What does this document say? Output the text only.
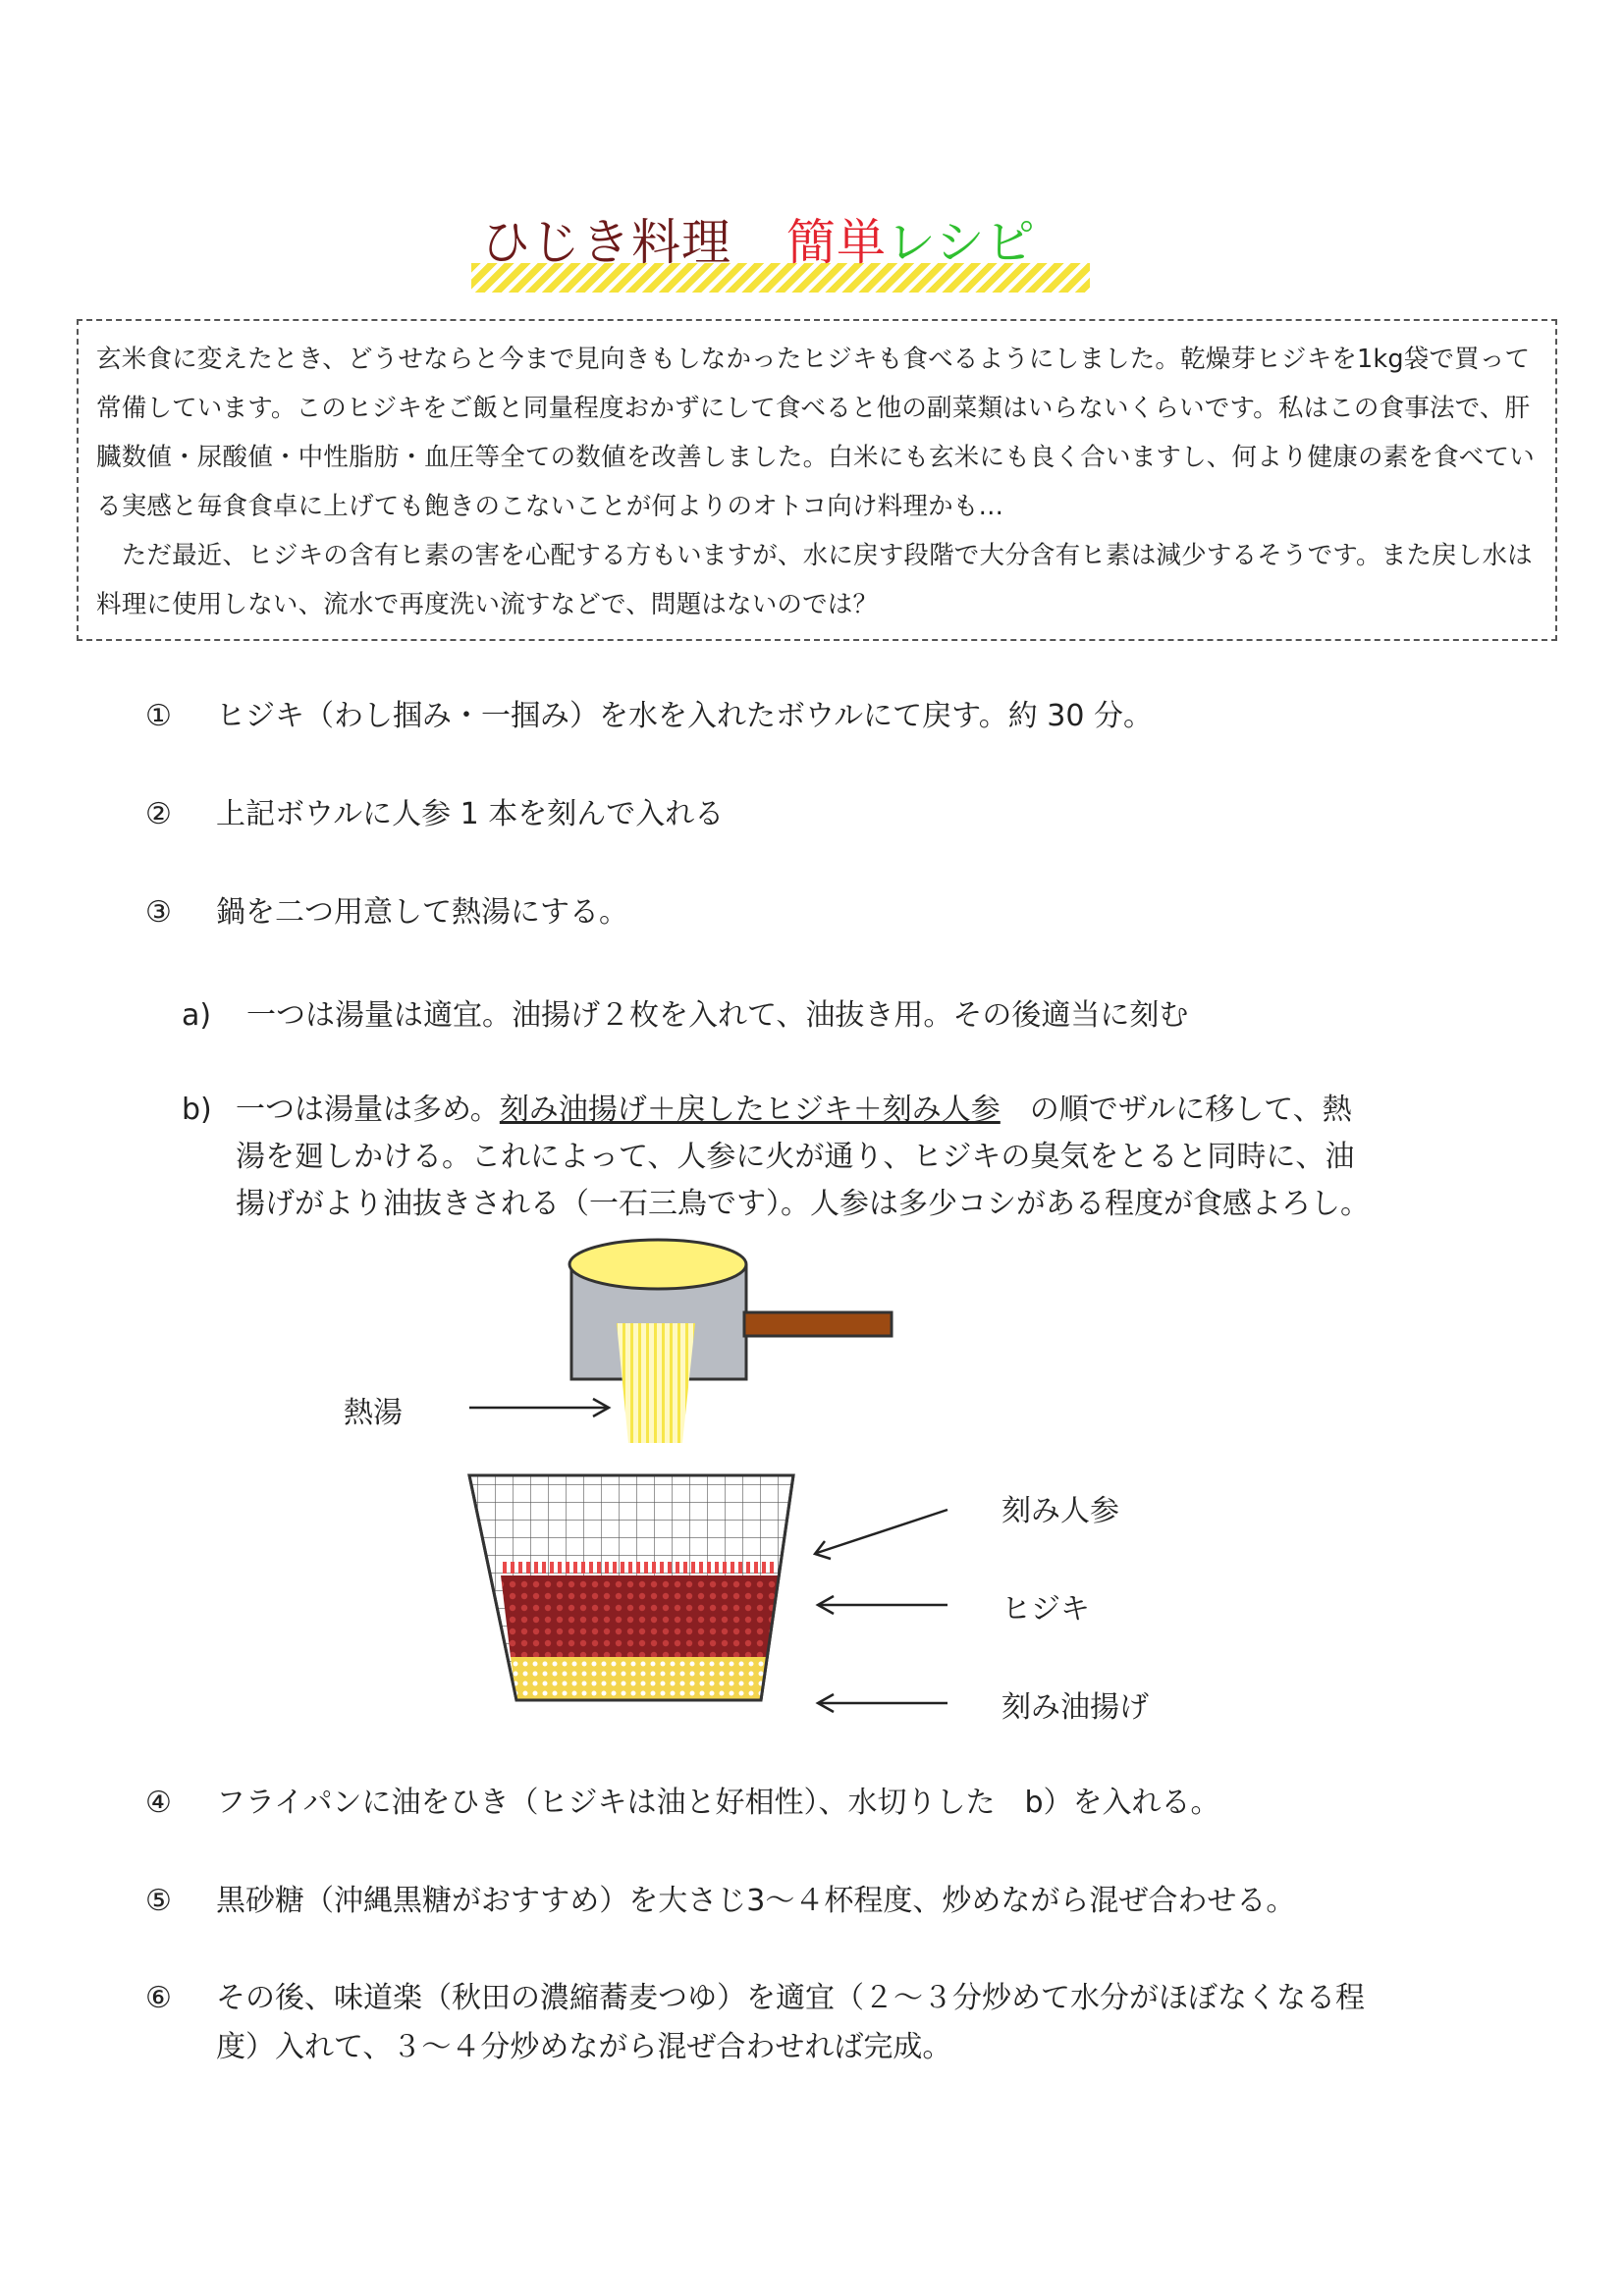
ひじき料理 簡単レシピ

玄米食に変えたとき、どうせならと今まで見向きもしなかったヒジキも食べるようにしました。乾燥芽ヒジキを1kg袋で買って常備しています。このヒジキをご飯と同量程度おかずにして食べると他の副菜類はいらないくらいです。私はこの食事法で、肝臓数値・尿酸値・中性脂肪・血圧等全ての数値を改善しました。白米にも玄米にも良く合いますし、何より健康の素を食べている実感と毎食食卓に上げても飽きのこないことが何よりのオトコ向け料理かも…

　ただ最近、ヒジキの含有ヒ素の害を心配する方もいますが、水に戻す段階で大分含有ヒ素は減少するそうです。また戻し水は料理に使用しない、流水で再度洗い流すなどで、問題はないのでは？

① ヒジキ（わし掴み・一掴み）を水を入れたボウルにて戻す。約 30 分。
② 上記ボウルに人参 1 本を刻んで入れる
③ 鍋を二つ用意して熱湯にする。
a) 一つは湯量は適宜。油揚げ２枚を入れて、油抜き用。その後適当に刻む
b) 一つは湯量は多め。刻み油揚げ＋戻したヒジキ＋刻み人参　の順でザルに移して、熱
湯を廻しかける。これによって、人参に火が通り、ヒジキの臭気をとると同時に、油
揚げがより油抜きされる（一石三鳥です）。人参は多少コシがある程度が食感よろし。
熱湯
刻み人参
ヒジキ
刻み油揚げ
④ フライパンに油をひき（ヒジキは油と好相性）、水切りした　b）を入れる。
⑤ 黒砂糖（沖縄黒糖がおすすめ）を大さじ3～４杯程度、炒めながら混ぜ合わせる。
⑥ その後、味道楽（秋田の濃縮蕎麦つゆ）を適宜（２～３分炒めて水分がほぼなくなる程
度）入れて、３～４分炒めながら混ぜ合わせれば完成。
